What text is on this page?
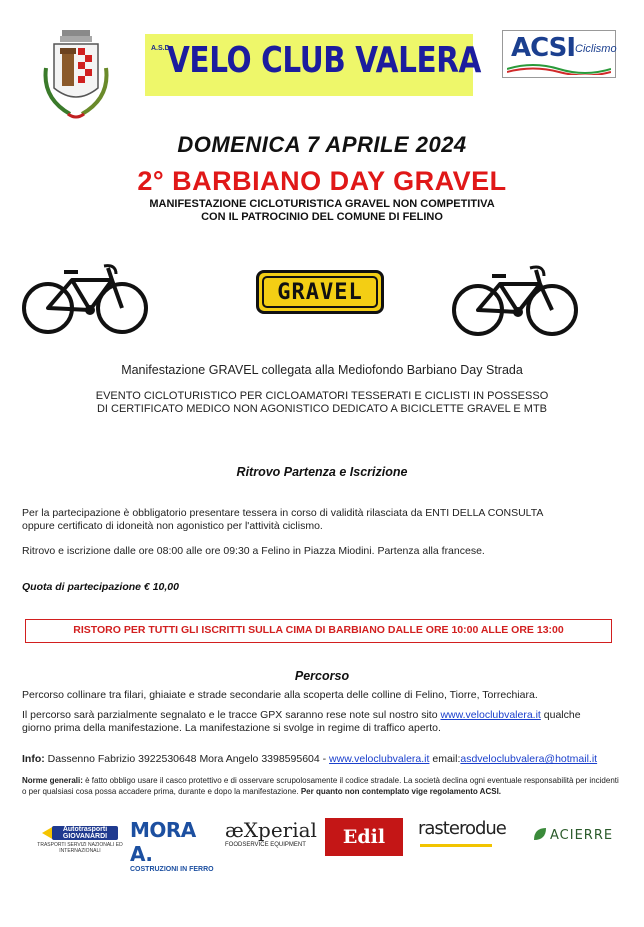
A.S.D.
VELO CLUB VALERA ACSI Ciclismo
DOMENICA 7 APRILE 2024
2° BARBIANO DAY GRAVEL
MANIFESTAZIONE CICLOTURISTICA GRAVEL NON COMPETITIVA
CON IL PATROCINIO DEL COMUNE DI FELINO
GRAVEL
Manifestazione GRAVEL collegata alla Mediofondo Barbiano Day Strada
EVENTO CICLOTURISTICO PER CICLOAMATORI TESSERATI E CICLISTI IN POSSESSO
DI CERTIFICATO MEDICO NON AGONISTICO DEDICATO A BICICLETTE GRAVEL E MTB
Ritrovo Partenza e Iscrizione
Per la partecipazione è obbligatorio presentare tessera in corso di validità rilasciata da ENTI DELLA CONSULTA
oppure certificato di idoneità non agonistico per l'attività ciclismo.
Ritrovo e iscrizione dalle ore 08:00 alle ore 09:30 a Felino in Piazza Miodini. Partenza alla francese.
Quota di partecipazione € 10,00
RISTORO PER TUTTI GLI ISCRITTI SULLA CIMA DI BARBIANO DALLE ORE 10:00 ALLE ORE 13:00
Percorso
Percorso collinare tra filari, ghiaiate e strade secondarie alla scoperta delle colline di Felino, Tiorre, Torrechiara.
Il percorso sarà parzialmente segnalato e le tracce GPX saranno rese note sul nostro sito www.veloclubvalera.it qualche
giorno prima della manifestazione. La manifestazione si svolge in regime di traffico aperto.
Info: Dassenno Fabrizio 3922530648 Mora Angelo 3398595604 - www.veloclubvalera.it email:asdveloclubvalera@hotmail.it
Norme generali: è fatto obbligo usare il casco protettivo e di osservare scrupolosamente il codice stradale. La società declina ogni eventuale responsabilità per incidenti o per qualsiasi cosa possa accadere prima, durante e dopo la manifestazione. Per quanto non contemplato vige regolamento ACSI.
Autotrasporti
GIOVANARDI
TRASPORTI SERVIZI NAZIONALI ED INTERNAZIONALI
MORA A.
COSTRUZIONI IN FERRO
æXperial
FOODSERVICE EQUIPMENT	Edil P.3
rasterodue	ACIERRE
